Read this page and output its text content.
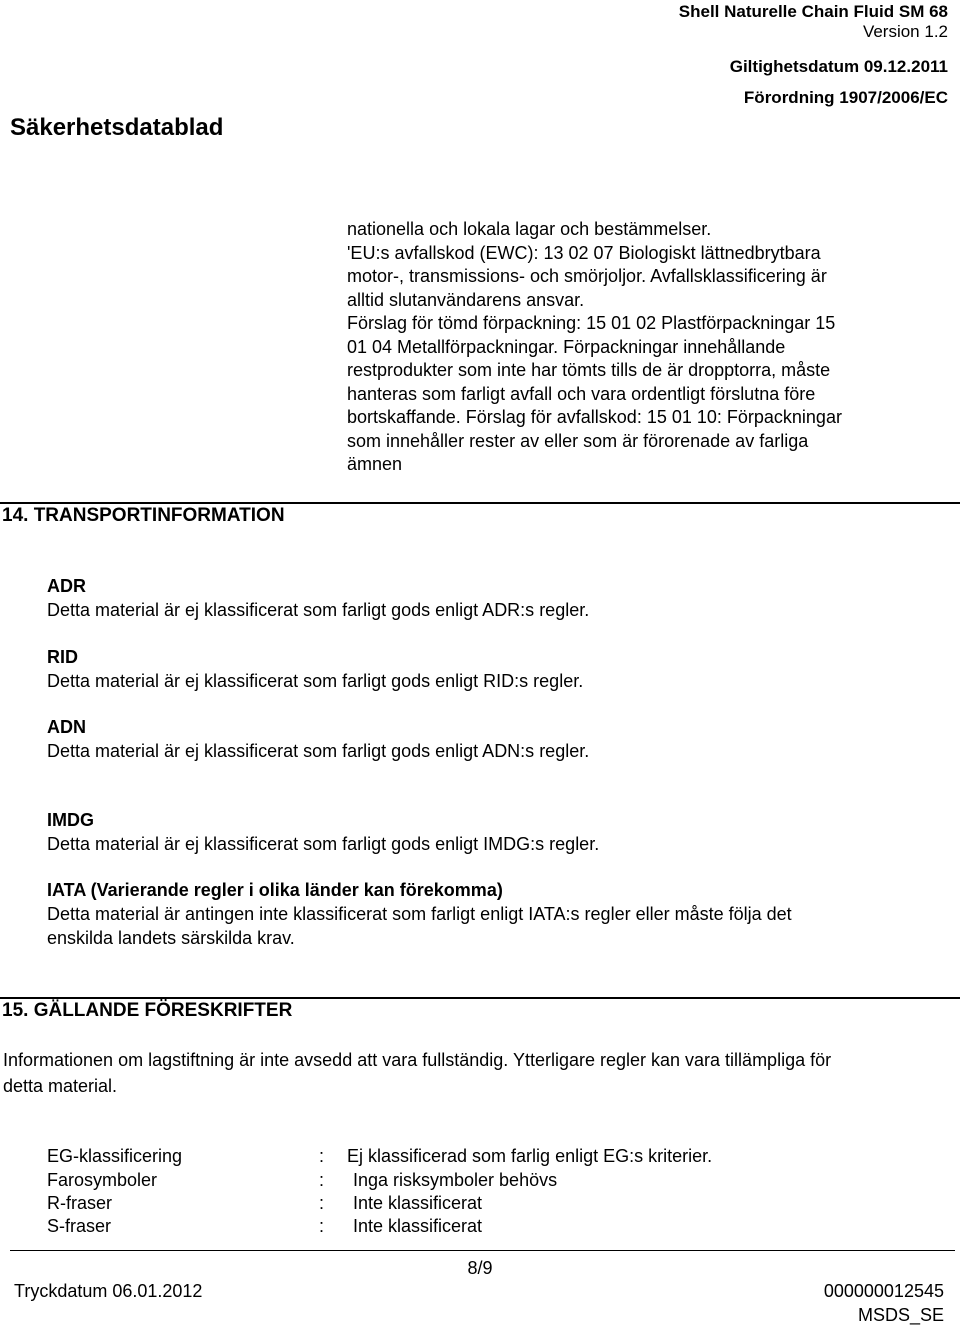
Shell Naturelle Chain Fluid SM 68
Version 1.2
Giltighetsdatum 09.12.2011
Förordning 1907/2006/EC
Säkerhetsdatablad
nationella och lokala lagar och bestämmelser.
'EU:s avfallskod (EWC): 13 02 07 Biologiskt lättnedbrytbara
motor-, transmissions- och smörjoljor. Avfallsklassificering är
alltid slutanvändarens ansvar.
Förslag för tömd förpackning: 15 01 02 Plastförpackningar 15
01 04 Metallförpackningar. Förpackningar innehållande
restprodukter som inte har tömts tills de är dropptorra, måste
hanteras som farligt avfall och vara ordentligt förslutna före
bortskaffande. Förslag för avfallskod: 15 01 10: Förpackningar
som innehåller rester av eller som är förorenade av farliga
ämnen
14. TRANSPORTINFORMATION
ADR
Detta material är ej klassificerat som farligt gods enligt ADR:s regler.
RID
Detta material är ej klassificerat som farligt gods enligt RID:s regler.
ADN
Detta material är ej klassificerat som farligt gods enligt ADN:s regler.
IMDG
Detta material är ej klassificerat som farligt gods enligt IMDG:s regler.
IATA (Varierande regler i olika länder kan förekomma)
Detta material är antingen inte klassificerat som farligt enligt IATA:s regler eller måste följa det
enskilda landets särskilda krav.
15. GÄLLANDE FÖRESKRIFTER
Informationen om lagstiftning är inte avsedd att vara fullständig. Ytterligare regler kan vara tillämpliga för
detta material.
EG-klassificering	: Ej klassificerad som farlig enligt EG:s kriterier.
Farosymboler	: Inga risksymboler behövs
R-fraser	: Inte klassificerat
S-fraser	: Inte klassificerat
8/9
Tryckdatum 06.01.2012	000000012545
MSDS_SE
